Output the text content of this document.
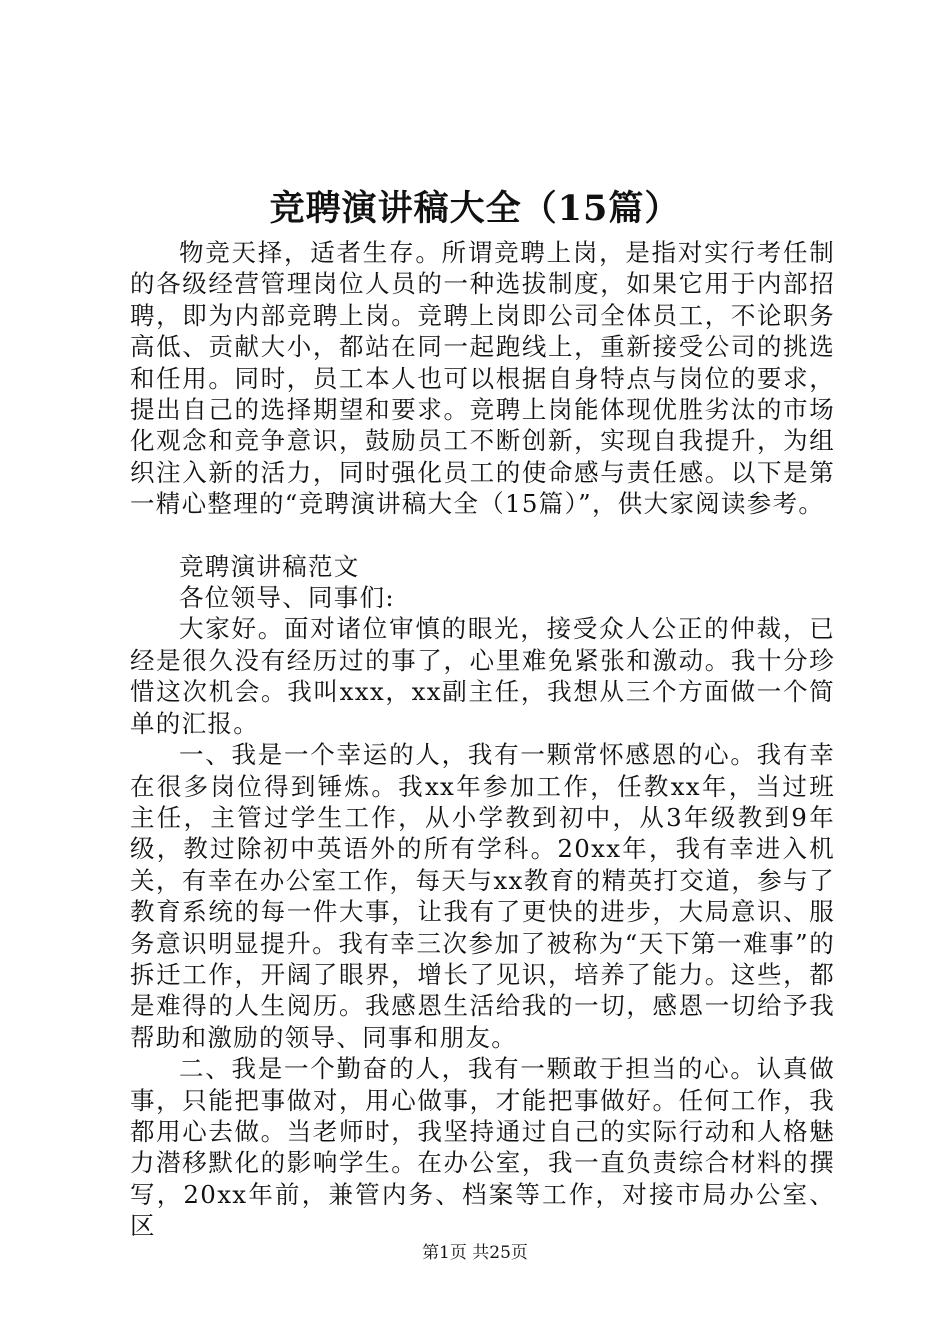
竞聘演讲稿大全（15篇）

物竞天择，适者生存。所谓竞聘上岗，是指对实行考任制的各级经营管理岗位人员的一种选拔制度，如果它用于内部招聘，即为内部竞聘上岗。竞聘上岗即公司全体员工，不论职务高低、贡献大小，都站在同一起跑线上，重新接受公司的挑选和任用。同时，员工本人也可以根据自身特点与岗位的要求，提出自己的选择期望和要求。竞聘上岗能体现优胜劣汰的市场化观念和竞争意识，鼓励员工不断创新，实现自我提升，为组织注入新的活力，同时强化员工的使命感与责任感。以下是第一精心整理的“竞聘演讲稿大全（15篇）”，供大家阅读参考。

竞聘演讲稿范文

各位领导、同事们:

大家好。面对诸位审慎的眼光，接受众人公正的仲裁，已经是很久没有经历过的事了，心里难免紧张和激动。我十分珍惜这次机会。我叫xxx，xx副主任，我想从三个方面做一个简单的汇报。

一、我是一个幸运的人，我有一颗常怀感恩的心。我有幸在很多岗位得到锤炼。我xx年参加工作，任教xx年，当过班主任，主管过学生工作，从小学教到初中，从3年级教到9年级，教过除初中英语外的所有学科。20xx年，我有幸进入机关，有幸在办公室工作，每天与xx教育的精英打交道，参与了教育系统的每一件大事，让我有了更快的进步，大局意识、服务意识明显提升。我有幸三次参加了被称为“天下第一难事”的拆迁工作，开阔了眼界，增长了见识，培养了能力。这些，都是难得的人生阅历。我感恩生活给我的一切，感恩一切给予我帮助和激励的领导、同事和朋友。

二、我是一个勤奋的人，我有一颗敢于担当的心。认真做事，只能把事做对，用心做事，才能把事做好。任何工作，我都用心去做。当老师时，我坚持通过自己的实际行动和人格魅力潜移默化的影响学生。在办公室，我一直负责综合材料的撰写，20xx年前，兼管内务、档案等工作，对接市局办公室、区

第1页 共25页
